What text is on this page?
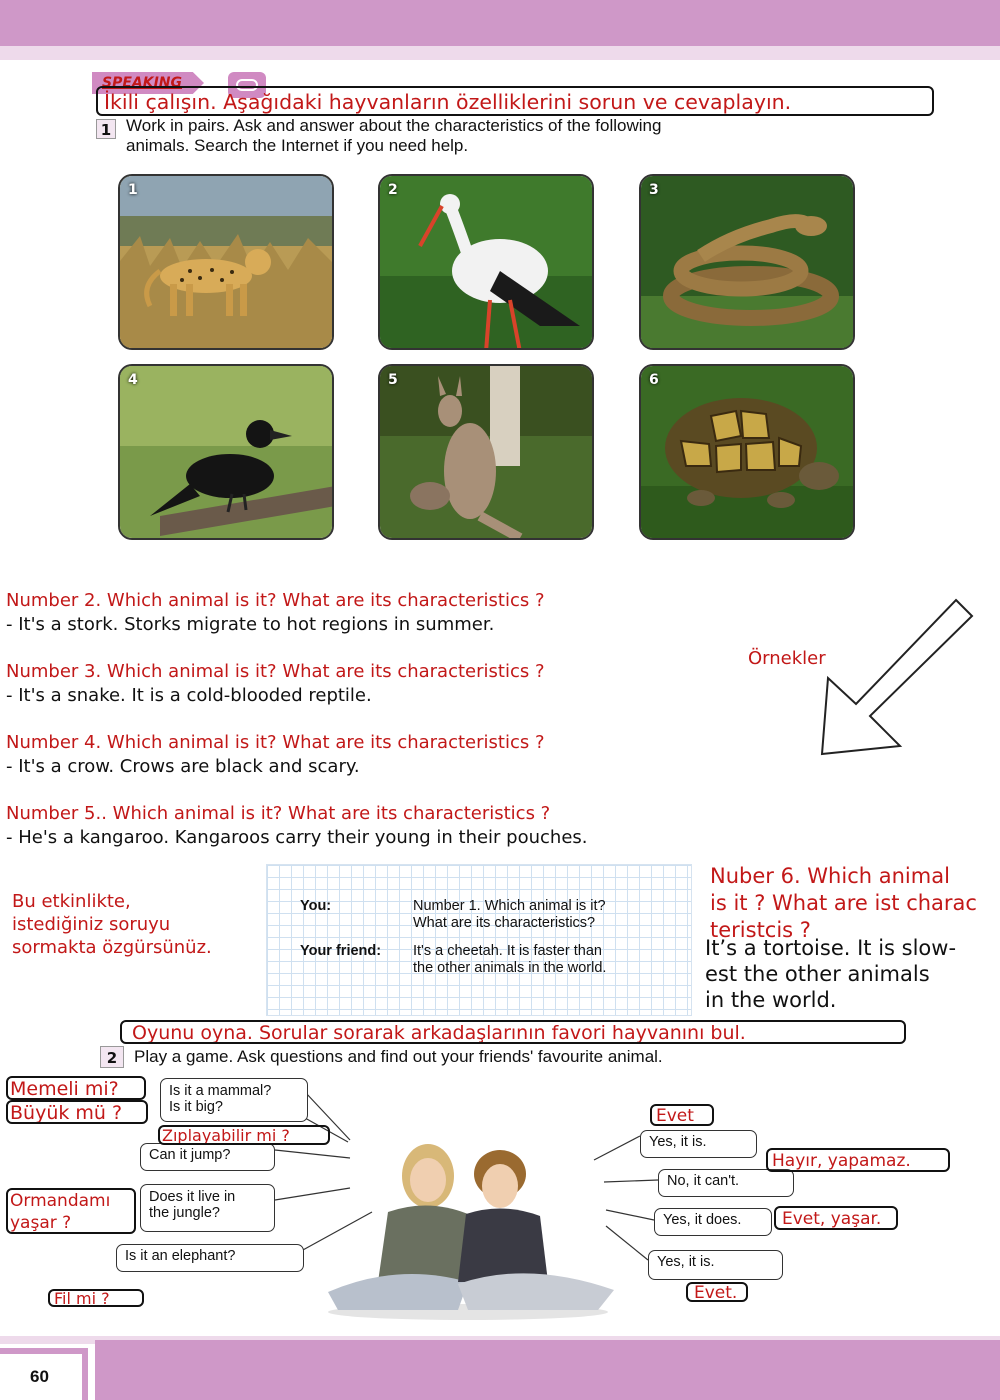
SPEAKING
İkili çalışın. Aşağıdaki hayvanların özelliklerini sorun ve cevaplayın.
1 Work in pairs. Ask and answer about the characteristics of the following
animals. Search the Internet if you need help.
1	2	3
4	5	6
Number 2. Which animal is it? What are its characteristics ?
- It's a stork. Storks migrate to hot regions in summer.
Number 3. Which animal is it? What are its characteristics ?
- It's a snake. It is a cold-blooded reptile.
Number 4. Which animal is it? What are its characteristics ?
- It's a crow. Crows are black and scary.
Number 5.. Which animal is it? What are its characteristics ?
- He's a kangaroo. Kangaroos carry their young in their pouches.
Örnekler
Bu etkinlikte,
istediğiniz soruyu
sormakta özgürsünüz.
You:	Number 1. Which animal is it?
What are its characteristics?
Your friend: It's a cheetah. It is faster than
the other animals in the world.
Nuber 6. Which animal
is it ? What are ist charac
teristcis ?
It’s a tortoise. It is slow-
est the other animals
in the world.
Oyunu oyna. Sorular sorarak arkadaşlarının favori hayvanını bul.
2 Play a game. Ask questions and find out your friends' favourite animal.
Is it a mammal?
Is it big?
Can it jump?
Does it live in
the jungle?
Is it an elephant?
Yes, it is.
No, it can't.
Yes, it does.
Yes, it is.
Memeli mi?
Büyük mü ?
Zıplayabilir mi ?
Ormandamı
yaşar ?
Fil mi ?
Evet
Hayır, yapamaz.
Evet, yaşar.
Evet.
60
